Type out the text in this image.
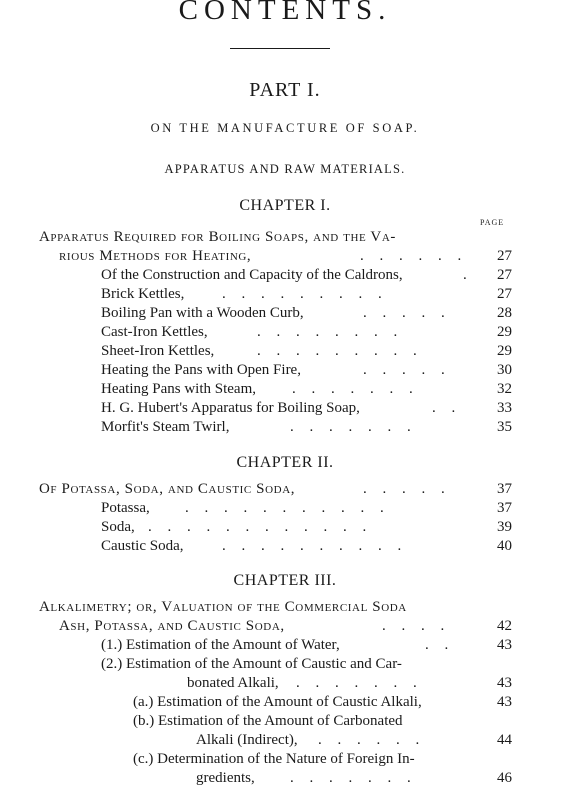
CONTENTS.
PART I.
ON THE MANUFACTURE OF SOAP.
APPARATUS AND RAW MATERIALS.
CHAPTER I.
PAGE
Apparatus Required for Boiling Soaps, and the Va-
rious Methods for Heating,	. . . . . . 27
Of the Construction and Capacity of the Caldrons,	. 27
Brick Kettles,	. . . . . . . . .	27
Boiling Pan with a Wooden Curb,	. . . . .	28
Cast-Iron Kettles,	. . . . . . . .	29
Sheet-Iron Kettles,	. . . . . . . . .	29
Heating the Pans with Open Fire,	. . . . .	30
Heating Pans with Steam, . . . . . . .	32
H. G. Hubert's Apparatus for Boiling Soap,	. . 33
Morfit's Steam Twirl,	. . . . . . .	35
CHAPTER II.
Of Potassa, Soda, and Caustic Soda,	. . . . .	37
Potassa, . . . . . . . . . . .	37
Soda, . . . . . . . . . . . .	39
Caustic Soda,	. . . . . . . . . .	40
CHAPTER III.
Alkalimetry; or, Valuation of the Commercial Soda
Ash, Potassa, and Caustic Soda,	. . . .	42
(1.) Estimation of the Amount of Water,	. .	43
(2.) Estimation of the Amount of Caustic and Car-
bonated Alkali, . . . . . . .	43
(a.) Estimation of the Amount of Caustic Alkali,	43
(b.) Estimation of the Amount of Carbonated
Alkali (Indirect), . . . . . .	44
(c.) Determination of the Nature of Foreign In-
gredients, . . . . . . .	46
